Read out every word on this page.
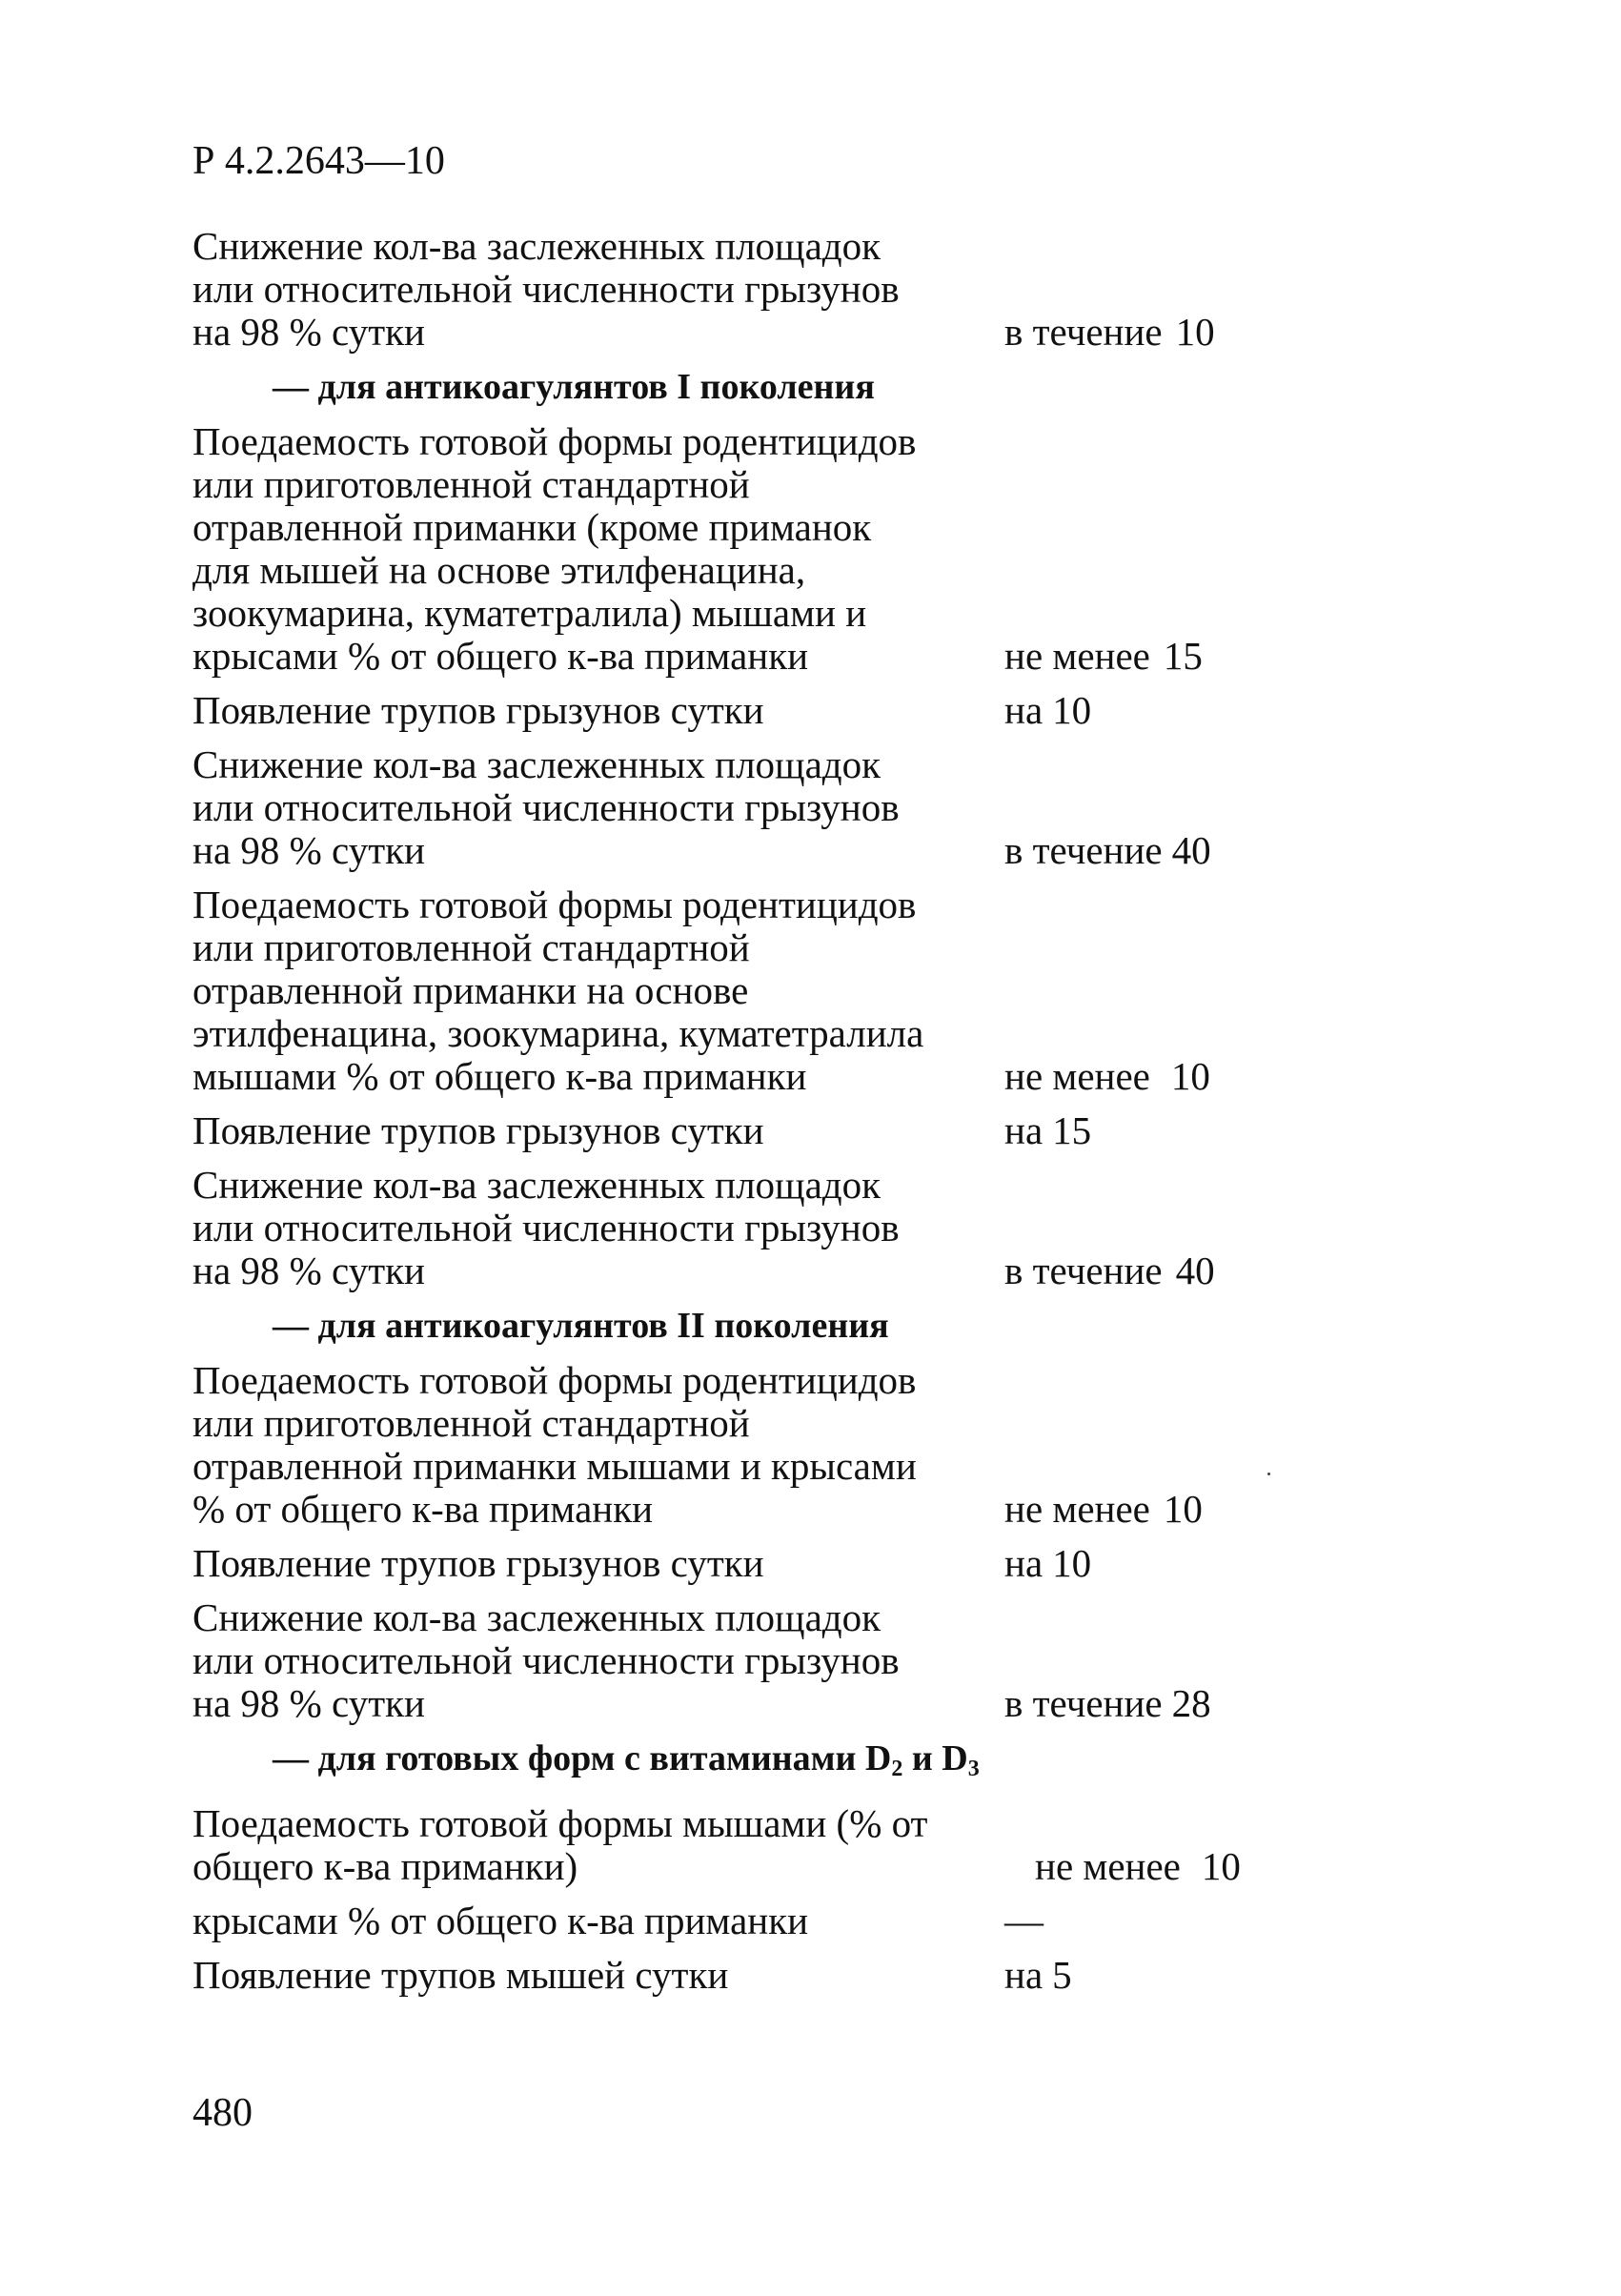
Р 4.2.2643—10
Снижение кол-ва заслеженных площадок
или относительной численности грызунов
на 98 % сутки	в течение 10
— для антикоагулянтов I поколения
Поедаемость готовой формы родентицидов
или приготовленной стандартной
отравленной приманки (кроме приманок
для мышей на основе этилфенацина,
зоокумарина, куматетралила) мышами и
крысами % от общего к-ва приманки	не менее 15
Появление трупов грызунов сутки	на 10
Снижение кол-ва заслеженных площадок
или относительной численности грызунов
на 98 % сутки	в течение 40
Поедаемость готовой формы родентицидов
или приготовленной стандартной
отравленной приманки на основе
этилфенацина, зоокумарина, куматетралила
мышами % от общего к-ва приманки	не менее 10
Появление трупов грызунов сутки	на 15
Снижение кол-ва заслеженных площадок
или относительной численности грызунов
на 98 % сутки	в течение 40
— для антикоагулянтов II поколения
Поедаемость готовой формы родентицидов
или приготовленной стандартной
отравленной приманки мышами и крысами
% от общего к-ва приманки	не менее 10
Появление трупов грызунов сутки	на 10
Снижение кол-ва заслеженных площадок
или относительной численности грызунов
на 98 % сутки	в течение 28
— для готовых форм с витаминами $D_2$ и $D_3$
Поедаемость готовой формы мышами (% от
общего к-ва приманки)	не менее 10
крысами % от общего к-ва приманки	—
Появление трупов мышей сутки	на 5
480
